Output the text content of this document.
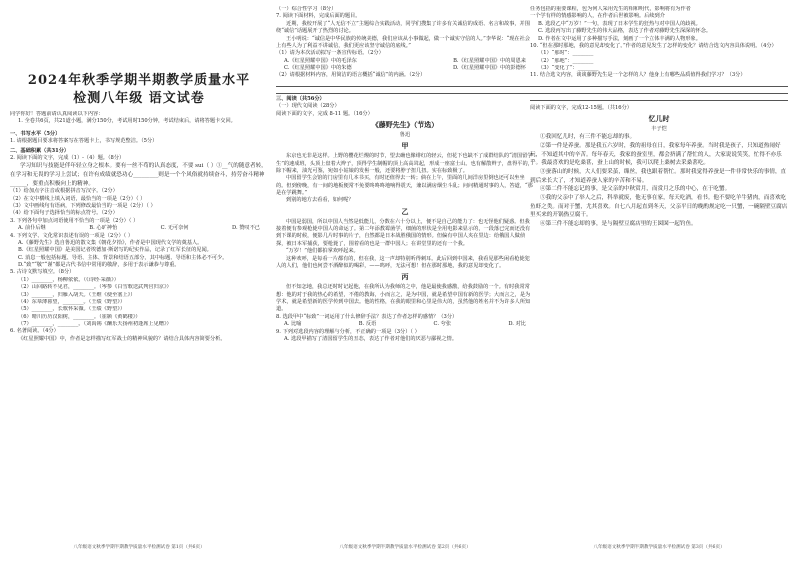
2024年秋季学期半期教学质量水平
检测八年级 语文试卷
同学你好！答题前请认真阅读以下内容：
1. 全卷共6页，共21道小题，满分150分，考试用时150分钟，考试结束后，请将答题卡交回。
一、书写水平（5分）
1. 请根据题目要求将答案写在答题卡上，书写规范整洁。（5分）
二、基础积累（共31分）
2. 阅读下面的文字，完成（1）-（4）题。（8分）
学习知识与技能是伴年轻立身之根本。要有一丝不苟的认真态度，不要 sui（ ）①__气的随意者转，在学习和无畏的学习上尝试；在许有成绩就恐功心_________则是一个个风俗就持续奋斗，持劳奋斗精神______，要重点积极向上的精神。
（1）给加点字注音或根据拼音写汉字。（2分）
（2）在文中横线上填入词语，最恰当的一项是（2分）（ ）
（3）文中画线句有语病，下列修改最恰当的一项是（2分）（ ）
（4）给下面句子选择恰当的标点符号。（2分）
3. 下列各句中加点词语使用不恰当的一项是（2分）（ ）
A. 前仆后继	B. 心旷神怡	C. 无可奈何	D. 赞叹不已
4. 下列文学、文化常识表述有误的一项是（2分）（ ）
A.《藤野先生》选自鲁迅的散文集《朝花夕拾》，作者是中国现代文学的奠基人。
B.《红星照耀中国》是美国记者埃德加·斯诺写的纪实作品，记录了红军长征的见闻。
C. 消息一般包括标题、导语、主体、背景和结语五部分，其中标题、导语和主体必不可少。
D.“致”“敬”“谨”都是古代书信中常用的敬辞，多用于表示谦恭与尊重。
5. 古诗文默写填空。（8分）
（1）________，杨柳依依。（《诗经·采薇》）
（2）山回路转不见君，________。（岑参《白雪歌送武判官归京》）
（3）________，归雁入胡天。（王维《使至塞上》）
（4）东皋薄暮望，________。（王绩《野望》）
（5）________，长歌怀采薇。（王绩《野望》）
（6）晴川历历汉阳树，________。（崔颢《黄鹤楼》）
（7）________，________。（刘禹锡《酬乐天扬州初逢席上见赠》）
6. 名著阅读。（4分）
《红星照耀中国》中，作者是怎样描写红军战士的精神风貌的？请结合具体内容简要分析。
八年级语文秋季学期半期教学质量水平检测试卷 第1页（共6页）
（一）综合性学习（8分）
7. 阅读下面材料，完成后面的题目。
近期，我校开展了“人无信不立”主题综合实践活动，同学们搜集了许多有关诚信的成语、名言和故事，并围绕“诚信”话题展开了热烈的讨论。
王小明说：“诚信是中华民族的传统美德，我们应该从小事做起，做一个诚实守信的人。”李华说：“现在社会上有些人为了利益不讲诚信，我们更应该坚守诚信的底线。”
（1）请为本次活动拟写一条宣传标语。（2分）
A.《红星照耀中国》中的毛泽东	B.《红星照耀中国》中的周恩来
C.《红星照耀中国》中的朱德	D.《红星照耀中国》中的彭德怀
（2）请根据材料内容，用简洁的语言概括“诚信”的内涵。（2分）
三、阅读（共56分）
（一）现代文阅读（28分）
阅读下面的文字，完成 8-11 题。（16分）
《藤野先生》（节选）
鲁迅
甲
东京也无非是这样。上野的樱花烂熳的时节，望去确也像绯红的轻云，但花下也缺不了成群结队的“清国留学生”的速成班，头顶上盘着大辫子，顶得学生制帽的顶上高高耸起，形成一座富士山。也有解散辫子，盘得平的，除下帽来，油光可鉴，宛如小姑娘的发髻一般，还要将脖子扭几扭。实在标致极了。
中国留学生会馆的门房里有几本书买，有时还值得去一转；倘在上午，里面的几间洋房里倒也还可以坐坐的。但到傍晚，有一间的地板便常不免要咚咚咚地响得震天，兼以满房烟尘斗乱；问问精通时事的人，答道，“那是在学跳舞。”
到别的地方去看看，如何呢？
乙
中国是弱国，所以中国人当然是低能儿，分数在六十分以上，便不是自己的能力了：也无怪他们疑惑。但我接着便有参观枪毙中国人的命运了。第二年添教霉菌学，细菌的形状是全用电影来显示的，一段落已完而还没有到下课的时候，便影几片时事的片子，自然都是日本战胜俄国的情形。但偏有中国人夹在里边：给俄国人做侦探，被日本军捕获，要枪毙了，围着看的也是一群中国人；在讲堂里的还有一个我。
“万岁！”他们都拍掌欢呼起来。
这种欢呼，是每看一片都有的，但在我，这一声却特别听得刺耳。此后回到中国来，我看见那些闲看枪毙犯人的人们，他们也何尝不酒醉似的喝彩，——呜呼，无法可想！但在那时那地，我的意见却变化了。
丙
但不知怎地，我总还时时记起他，在我所认为我师的之中，他是最使我感激，给我鼓励的一个。有时我常常想：他的对于我的热心的希望，不倦的教诲，小而言之，是为中国，就是希望中国有新的医学；大而言之，是为学术，就是希望新的医学传到中国去。他的性格，在我的眼里和心里是伟大的，虽然他的姓名并不为许多人所知道。
8. 选段甲中“标致”一词运用了什么修辞手法？表达了作者怎样的感情？（3分）
A. 比喻	B. 反语	C. 夸张	D. 对比
9. 下列对选段内容的理解与分析，不正确的一项是（3分）（ ）
A. 选段甲描写了清国留学生的丑态，表达了作者对他们的厌恶与鄙视之情。
八年级语文秋季学期半期教学质量水平检测试卷 第2页（共6页）
任务包括的重要课程，包为何人采用先生的相和明代，影响将有为作者
一个学有样的情感影响的人，在作者后世被影响。后续到介
B. 选段乙中“万岁！”一句，表现了日本学生的狂热与对中国人的歧视。
C. 选段丙写出了藤野先生的伟大品格，表达了作者对藤野先生深深的怀念。
D. 作者在文中运用了多种描写手法，刻画了一个立体丰满的人物形象。
10. “但在那时那地，我的意见却变化了。”作者的意见发生了怎样的变化？请结合选文内容具体说明。（4分）
（1）“那时”：________
（2）“那地”：________
（3）“变化了”：________
11. 结合选文内容，谈谈藤野先生是一个怎样的人？他身上有哪些品质值得我们学习？（3分）
阅读下面的文字，完成12-15题。（共16分）
忆儿时
丰子恺
①我回忆儿时，有三件不能忘却的事。
②第一件是养蚕。那是我五六岁时，我的祖母在日，我家每年养蚕。当时我是孩子，只知道热闹好玩，不知道其中的辛苦。每年春天，我家的蚕室里，都会挤满了帮忙的人，大家说说笑笑，忙得不亦乐乎。我最喜欢的是吃桑葚，蚕上山的时候，我可以爬上桑树去采桑葚吃。
③蚕落山的时候，大人们要采茧，缫丝，我也跟着帮忙。那时我觉得养蚕是一件非常快乐的事情，直到后来长大了，才知道养蚕人家的辛苦和不易。
④第二件不能忘记的事，是父亲的中秋赏月，而赏月之乐的中心，在于吃蟹。
⑤我的父亲中了举人之后，科举就废，他无事在家，每天吃酒，看书。他不要吃羊牛猪肉，而喜欢吃鱼虾之类。而对于蟹，尤其喜欢。自七八月起直到冬天，父亲平日的晚酌规定吃一只蟹，一碗隔壁豆腐店里买来的开锅热豆腐干。
⑥第三件不能忘却的事，是与隔壁豆腐店里的王囡囡一起钓鱼。
八年级语文秋季学期半期教学质量水平检测试卷 第3页（共6页）
